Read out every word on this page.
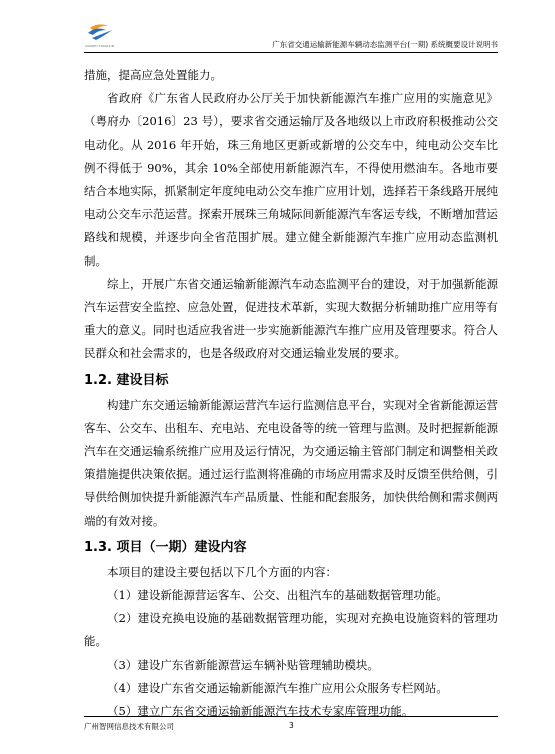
SANZHI TONGXIN	广东省交通运输新能源车辆动态监测平台(一期) 系统概要设计说明书

措施，提高应急处置能力。

省政府《广东省人民政府办公厅关于加快新能源汽车推广应用的实施意见》（粤府办〔2016〕23 号），要求省交通运输厅及各地级以上市政府积极推动公交电动化。从 2016 年开始，珠三角地区更新或新增的公交车中，纯电动公交车比例不得低于 90%，其余 10%全部使用新能源汽车，不得使用燃油车。各地市要结合本地实际，抓紧制定年度纯电动公交车推广应用计划，选择若干条线路开展纯电动公交车示范运营。探索开展珠三角城际间新能源汽车客运专线，不断增加营运路线和规模，并逐步向全省范围扩展。建立健全新能源汽车推广应用动态监测机制。

综上，开展广东省交通运输新能源汽车动态监测平台的建设，对于加强新能源汽车运营安全监控、应急处置，促进技术革新，实现大数据分析辅助推广应用等有重大的意义。同时也适应我省进一步实施新能源汽车推广应用及管理要求。符合人民群众和社会需求的，也是各级政府对交通运输业发展的要求。

1.2. 建设目标

构建广东交通运输新能源运营汽车运行监测信息平台，实现对全省新能源运营客车、公交车、出租车、充电站、充电设备等的统一管理与监测。及时把握新能源汽车在交通运输系统推广应用及运行情况，为交通运输主管部门制定和调整相关政策措施提供决策依据。通过运行监测将准确的市场应用需求及时反馈至供给侧，引导供给侧加快提升新能源汽车产品质量、性能和配套服务，加快供给侧和需求侧两端的有效对接。

1.3. 项目（一期）建设内容

本项目的建设主要包括以下几个方面的内容：

（1）建设新能源营运客车、公交、出租汽车的基础数据管理功能。

（2）建设充换电设施的基础数据管理功能，实现对充换电设施资料的管理功能。

（3）建设广东省新能源营运车辆补贴管理辅助模块。

（4）建设广东省交通运输新能源汽车推广应用公众服务专栏网站。

（5）建立广东省交通运输新能源汽车技术专家库管理功能。

广州智网信息技术有限公司	3
